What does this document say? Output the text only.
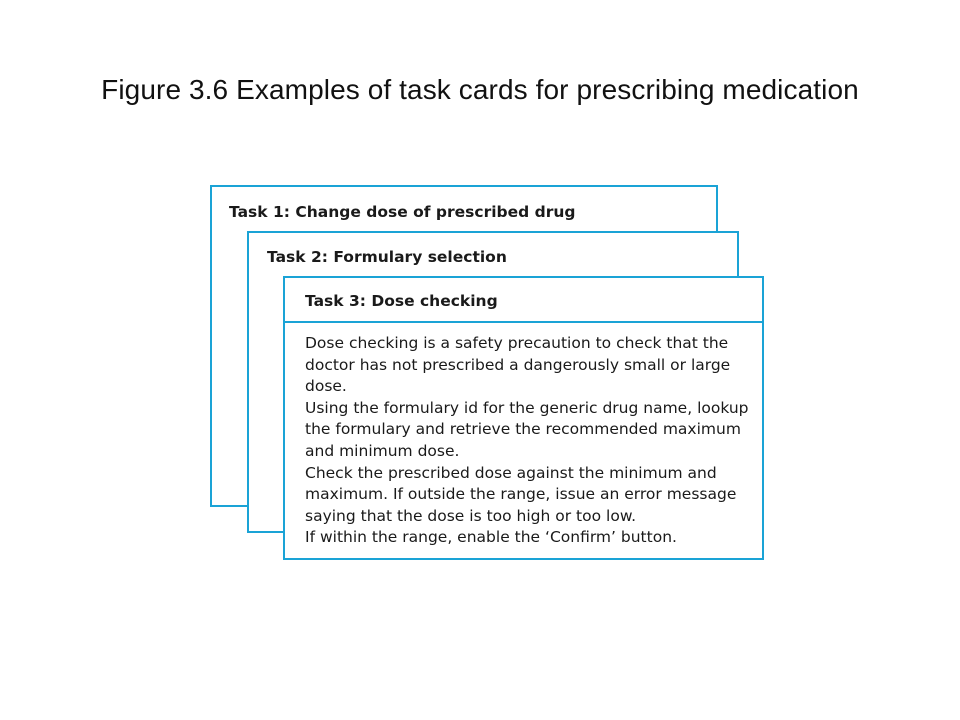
Figure 3.6 Examples of task cards for prescribing medication
Task 1: Change dose of prescribed drug
Task 2: Formulary selection
Task 3: Dose checking
Dose checking is a safety precaution to check that the doctor has not prescribed a dangerously small or large dose.
Using the formulary id for the generic drug name, lookup the formulary and retrieve the recommended maximum and minimum dose.
Check the prescribed dose against the minimum and maximum. If outside the range, issue an error message saying that the dose is too high or too low.
If within the range, enable the ‘Confirm’ button.
